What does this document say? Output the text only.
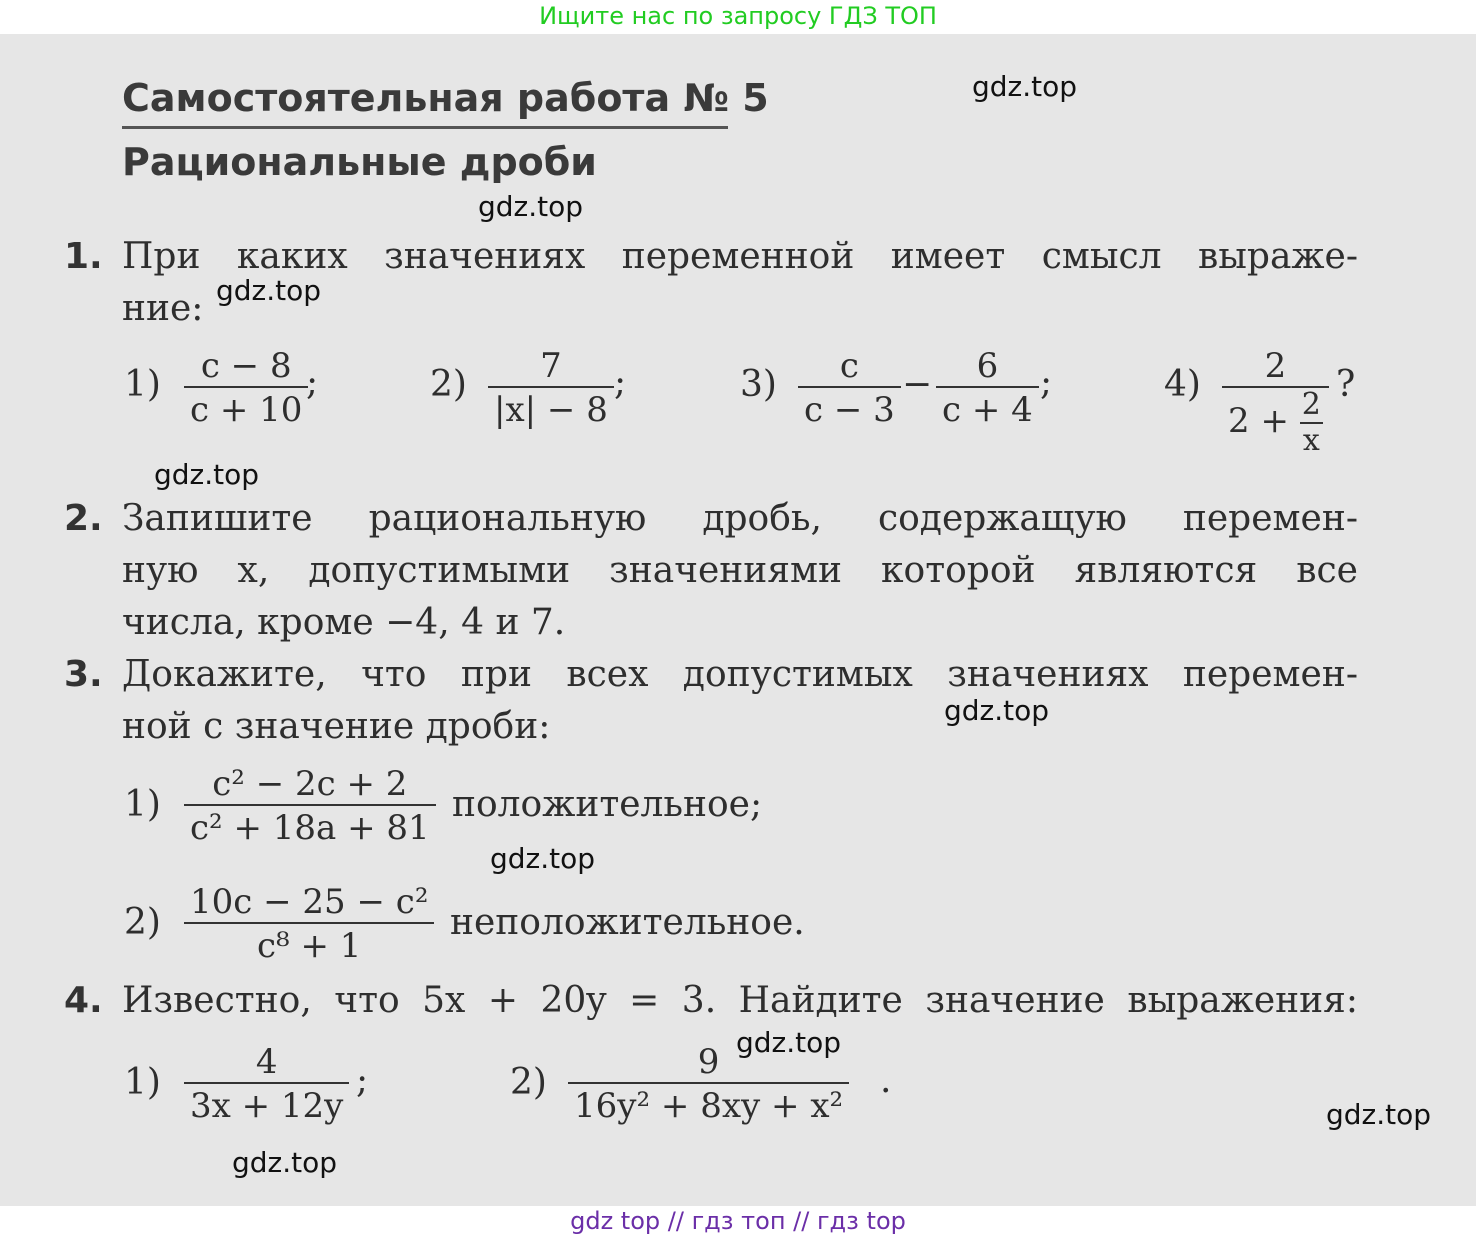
Ищите нас по запросу ГДЗ ТОП
Самостоятельная работа № 5
Рациональные дроби
1. При каких значениях переменной имеет смысл выраже-
ние:
1) c − 8
c + 10
;	2) 7
|x| − 8
;	3) c
c − 3
− 6
c + 4
;	4) 2
$2 + \frac{2}{x}$
?
2. Запишите рациональную дробь, содержащую перемен-
ную x, допустимыми значениями которой являются все
числа, кроме −4, 4 и 7.
3. Докажите, что при всех допустимых значениях перемен-
ной c значение дроби:
1) c² − 2c + 2
c² + 18a + 81
положительное;
2) 10c − 25 − c²
c⁸ + 1
неположительное.
4. Известно, что 5x + 20y = 3. Найдите значение выражения:
1)	4
3x + 12y
;	2)	9
16y² + 8xy + x²
.
gdz.top
gdz.top
gdz.top
gdz.top
gdz.top
gdz.top
gdz.top
gdz.top
gdz.top
gdz top // гдз топ // гдз top
